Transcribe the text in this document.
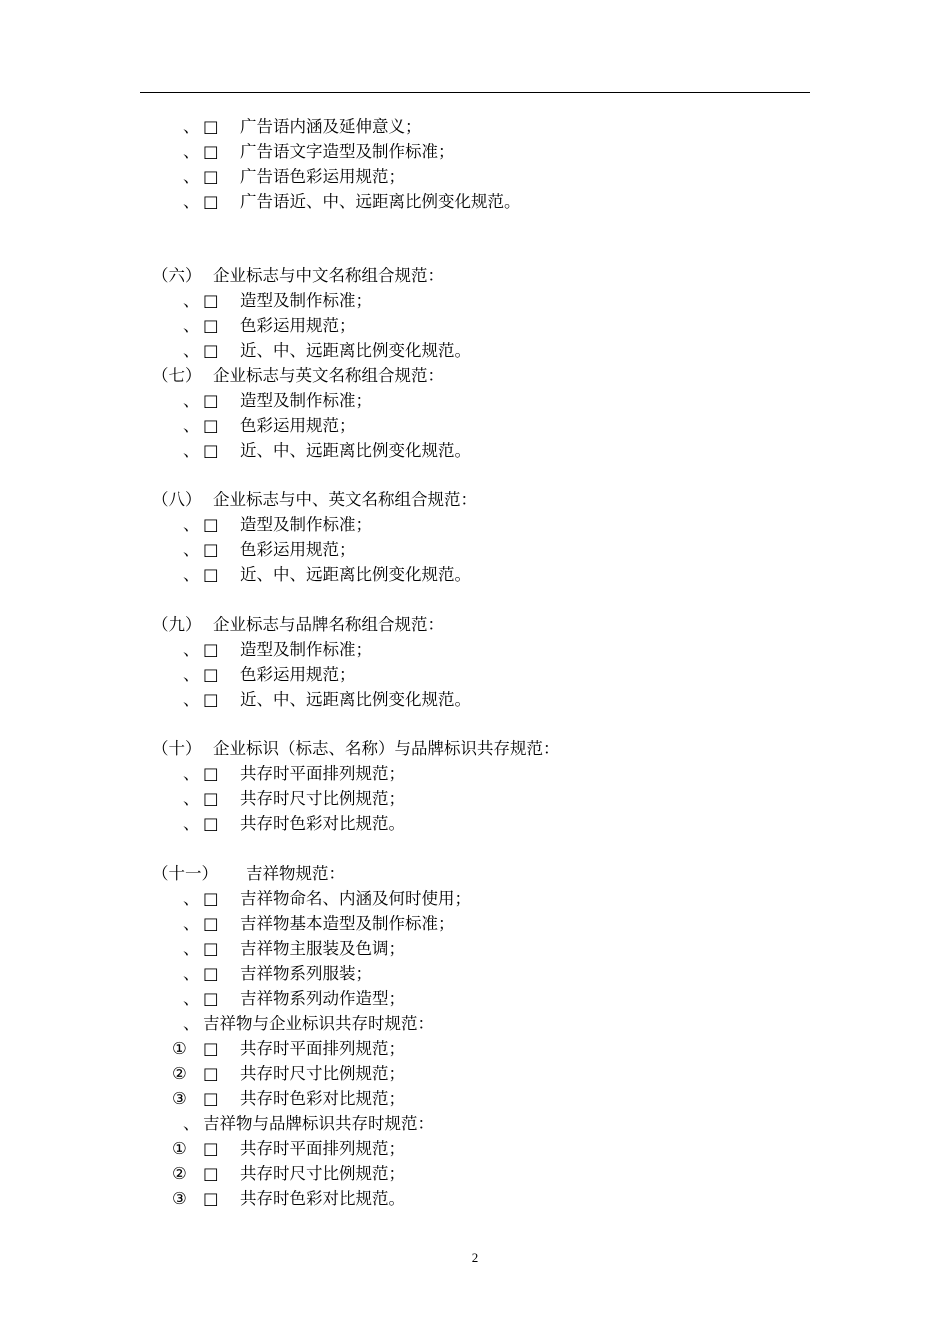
、 □ 广告语内涵及延伸意义；
、 □ 广告语文字造型及制作标准；
、 □ 广告语色彩运用规范；
、 □ 广告语近、中、远距离比例变化规范。
（六） 企业标志与中文名称组合规范：
、 □ 造型及制作标准；
、 □ 色彩运用规范；
、 □ 近、中、远距离比例变化规范。
（七） 企业标志与英文名称组合规范：
、 □ 造型及制作标准；
、 □ 色彩运用规范；
、 □ 近、中、远距离比例变化规范。
（八） 企业标志与中、英文名称组合规范：
、 □ 造型及制作标准；
、 □ 色彩运用规范；
、 □ 近、中、远距离比例变化规范。
（九） 企业标志与品牌名称组合规范：
、 □ 造型及制作标准；
、 □ 色彩运用规范；
、 □ 近、中、远距离比例变化规范。
（十） 企业标识（标志、名称）与品牌标识共存规范：
、 □ 共存时平面排列规范；
、 □ 共存时尺寸比例规范；
、 □ 共存时色彩对比规范。
（十一） 吉祥物规范：
、 □ 吉祥物命名、内涵及何时使用；
、 □ 吉祥物基本造型及制作标准；
、 □ 吉祥物主服装及色调；
、 □ 吉祥物系列服装；
、 □ 吉祥物系列动作造型；
、 吉祥物与企业标识共存时规范：
① □ 共存时平面排列规范；
② □ 共存时尺寸比例规范；
③ □ 共存时色彩对比规范；
、 吉祥物与品牌标识共存时规范：
① □ 共存时平面排列规范；
② □ 共存时尺寸比例规范；
③ □ 共存时色彩对比规范。
2
